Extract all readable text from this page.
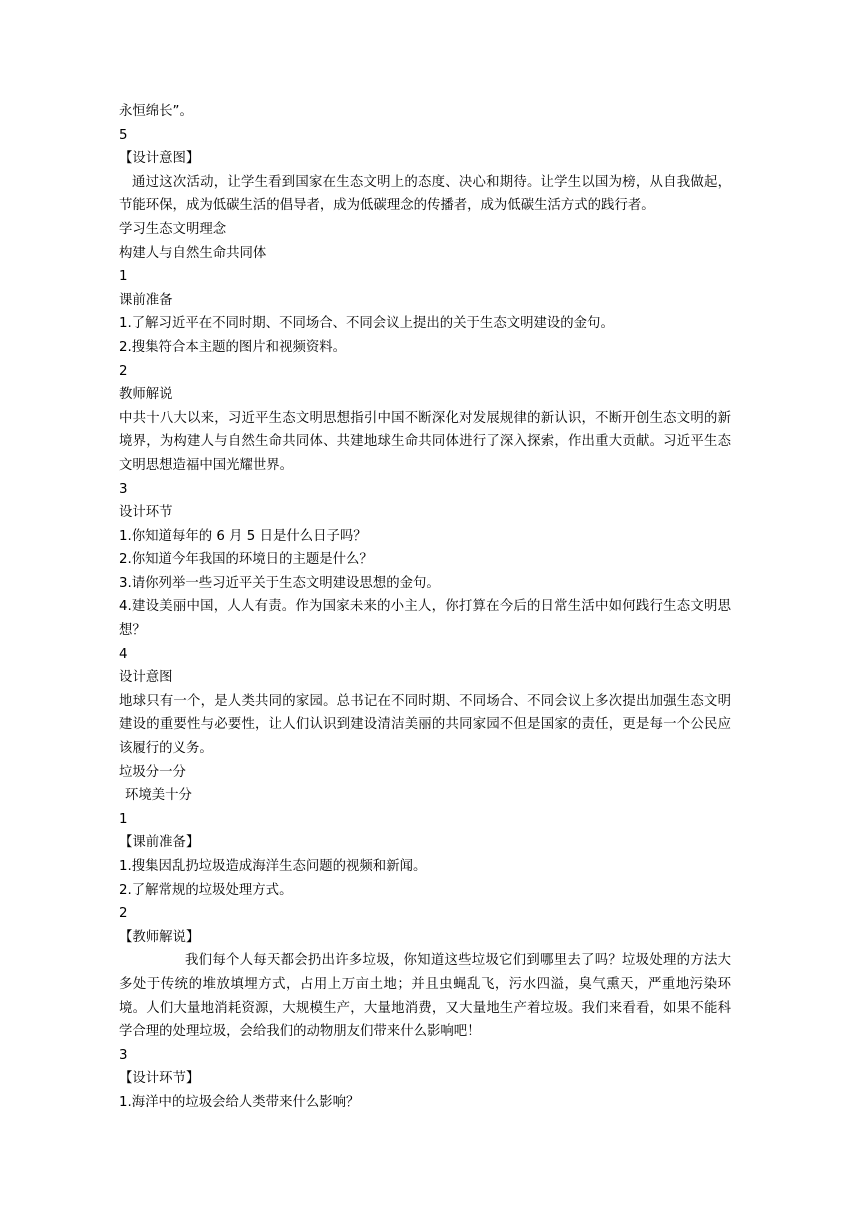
永恒绵长”。
5
【设计意图】
通过这次活动，让学生看到国家在生态文明上的态度、决心和期待。让学生以国为榜，从自我做起，节能环保，成为低碳生活的倡导者，成为低碳理念的传播者，成为低碳生活方式的践行者。
学习生态文明理念
构建人与自然生命共同体
1
课前准备
1.了解习近平在不同时期、不同场合、不同会议上提出的关于生态文明建设的金句。
2.搜集符合本主题的图片和视频资料。
2
教师解说
中共十八大以来，习近平生态文明思想指引中国不断深化对发展规律的新认识，不断开创生态文明的新境界，为构建人与自然生命共同体、共建地球生命共同体进行了深入探索，作出重大贡献。习近平生态文明思想造福中国光耀世界。
3
设计环节
1.你知道每年的 6 月 5 日是什么日子吗？
2.你知道今年我国的环境日的主题是什么？
3.请你列举一些习近平关于生态文明建设思想的金句。
4.建设美丽中国，人人有责。作为国家未来的小主人，你打算在今后的日常生活中如何践行生态文明思想？
4
设计意图
地球只有一个，是人类共同的家园。总书记在不同时期、不同场合、不同会议上多次提出加强生态文明建设的重要性与必要性，让人们认识到建设清洁美丽的共同家园不但是国家的责任，更是每一个公民应该履行的义务。
垃圾分一分
环境美十分
1
【课前准备】
1.搜集因乱扔垃圾造成海洋生态问题的视频和新闻。
2.了解常规的垃圾处理方式。
2
【教师解说】
我们每个人每天都会扔出许多垃圾，你知道这些垃圾它们到哪里去了吗？垃圾处理的方法大多处于传统的堆放填埋方式，占用上万亩土地；并且虫蝇乱飞，污水四溢，臭气熏天，严重地污染环境。人们大量地消耗资源，大规模生产，大量地消费，又大量地生产着垃圾。我们来看看，如果不能科学合理的处理垃圾，会给我们的动物朋友们带来什么影响吧！
3
【设计环节】
1.海洋中的垃圾会给人类带来什么影响？
